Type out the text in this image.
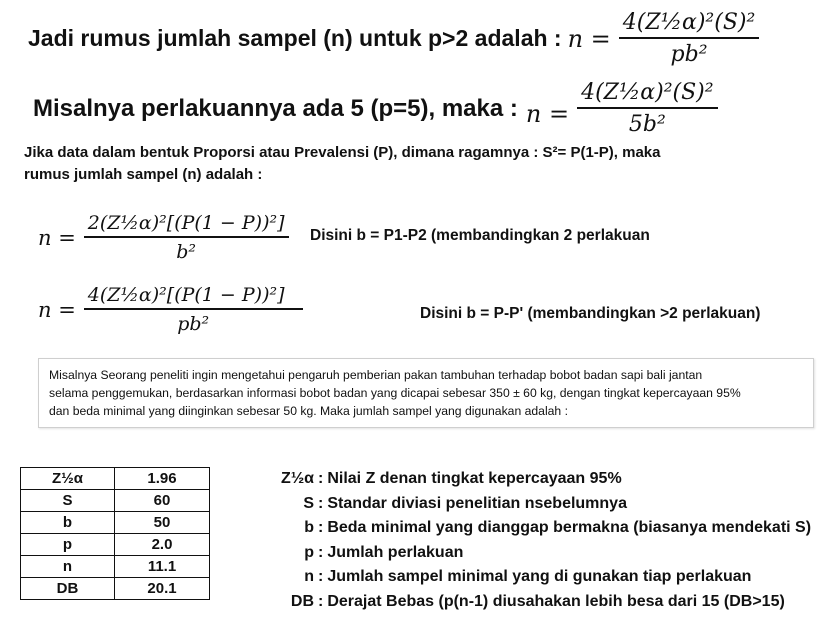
Jadi rumus jumlah sampel (n) untuk p>2 adalah : $n = \frac{\text{4(Z½α)²(S)²}}{\text{pb²}}$
Misalnya perlakuannya ada 5 (p=5), maka : $n = \frac{\text{4(Z½α)²(S)²}}{\text{5b²}}$
Jika data dalam bentuk Proporsi atau Prevalensi (P), dimana ragamnya : S²= P(1-P), maka
rumus jumlah sampel (n) adalah :
$n = \frac{\text{2(Z½α)²[(P(1 − P))²]}}{\text{b²}}$ Disini b = P1-P2 (membandingkan 2 perlakuan
$n = \frac{\text{4(Z½α)²[(P(1 − P))²]}}{\text{pb²}}$	Disini b = P-P' (membandingkan >2 perlakuan)
Misalnya Seorang peneliti ingin mengetahui pengaruh pemberian pakan tambuhan terhadap bobot badan sapi bali jantan
selama penggemukan, berdasarkan informasi bobot badan yang dicapai sebesar 350 ± 60 kg, dengan tingkat kepercayaan 95%
dan beda minimal yang diinginkan sebesar 50 kg. Maka jumlah sampel yang digunakan adalah :
Z½α	1.96
S	60
b	50
p	2.0
n	11.1
DB	20.1
Z½α : Nilai Z denan tingkat kepercayaan 95%
S : Standar diviasi penelitian nsebelumnya
b : Beda minimal yang dianggap bermakna (biasanya mendekati S)
p : Jumlah perlakuan
n : Jumlah sampel minimal yang di gunakan tiap perlakuan
DB : Derajat Bebas (p(n-1) diusahakan lebih besa dari 15 (DB>15)
